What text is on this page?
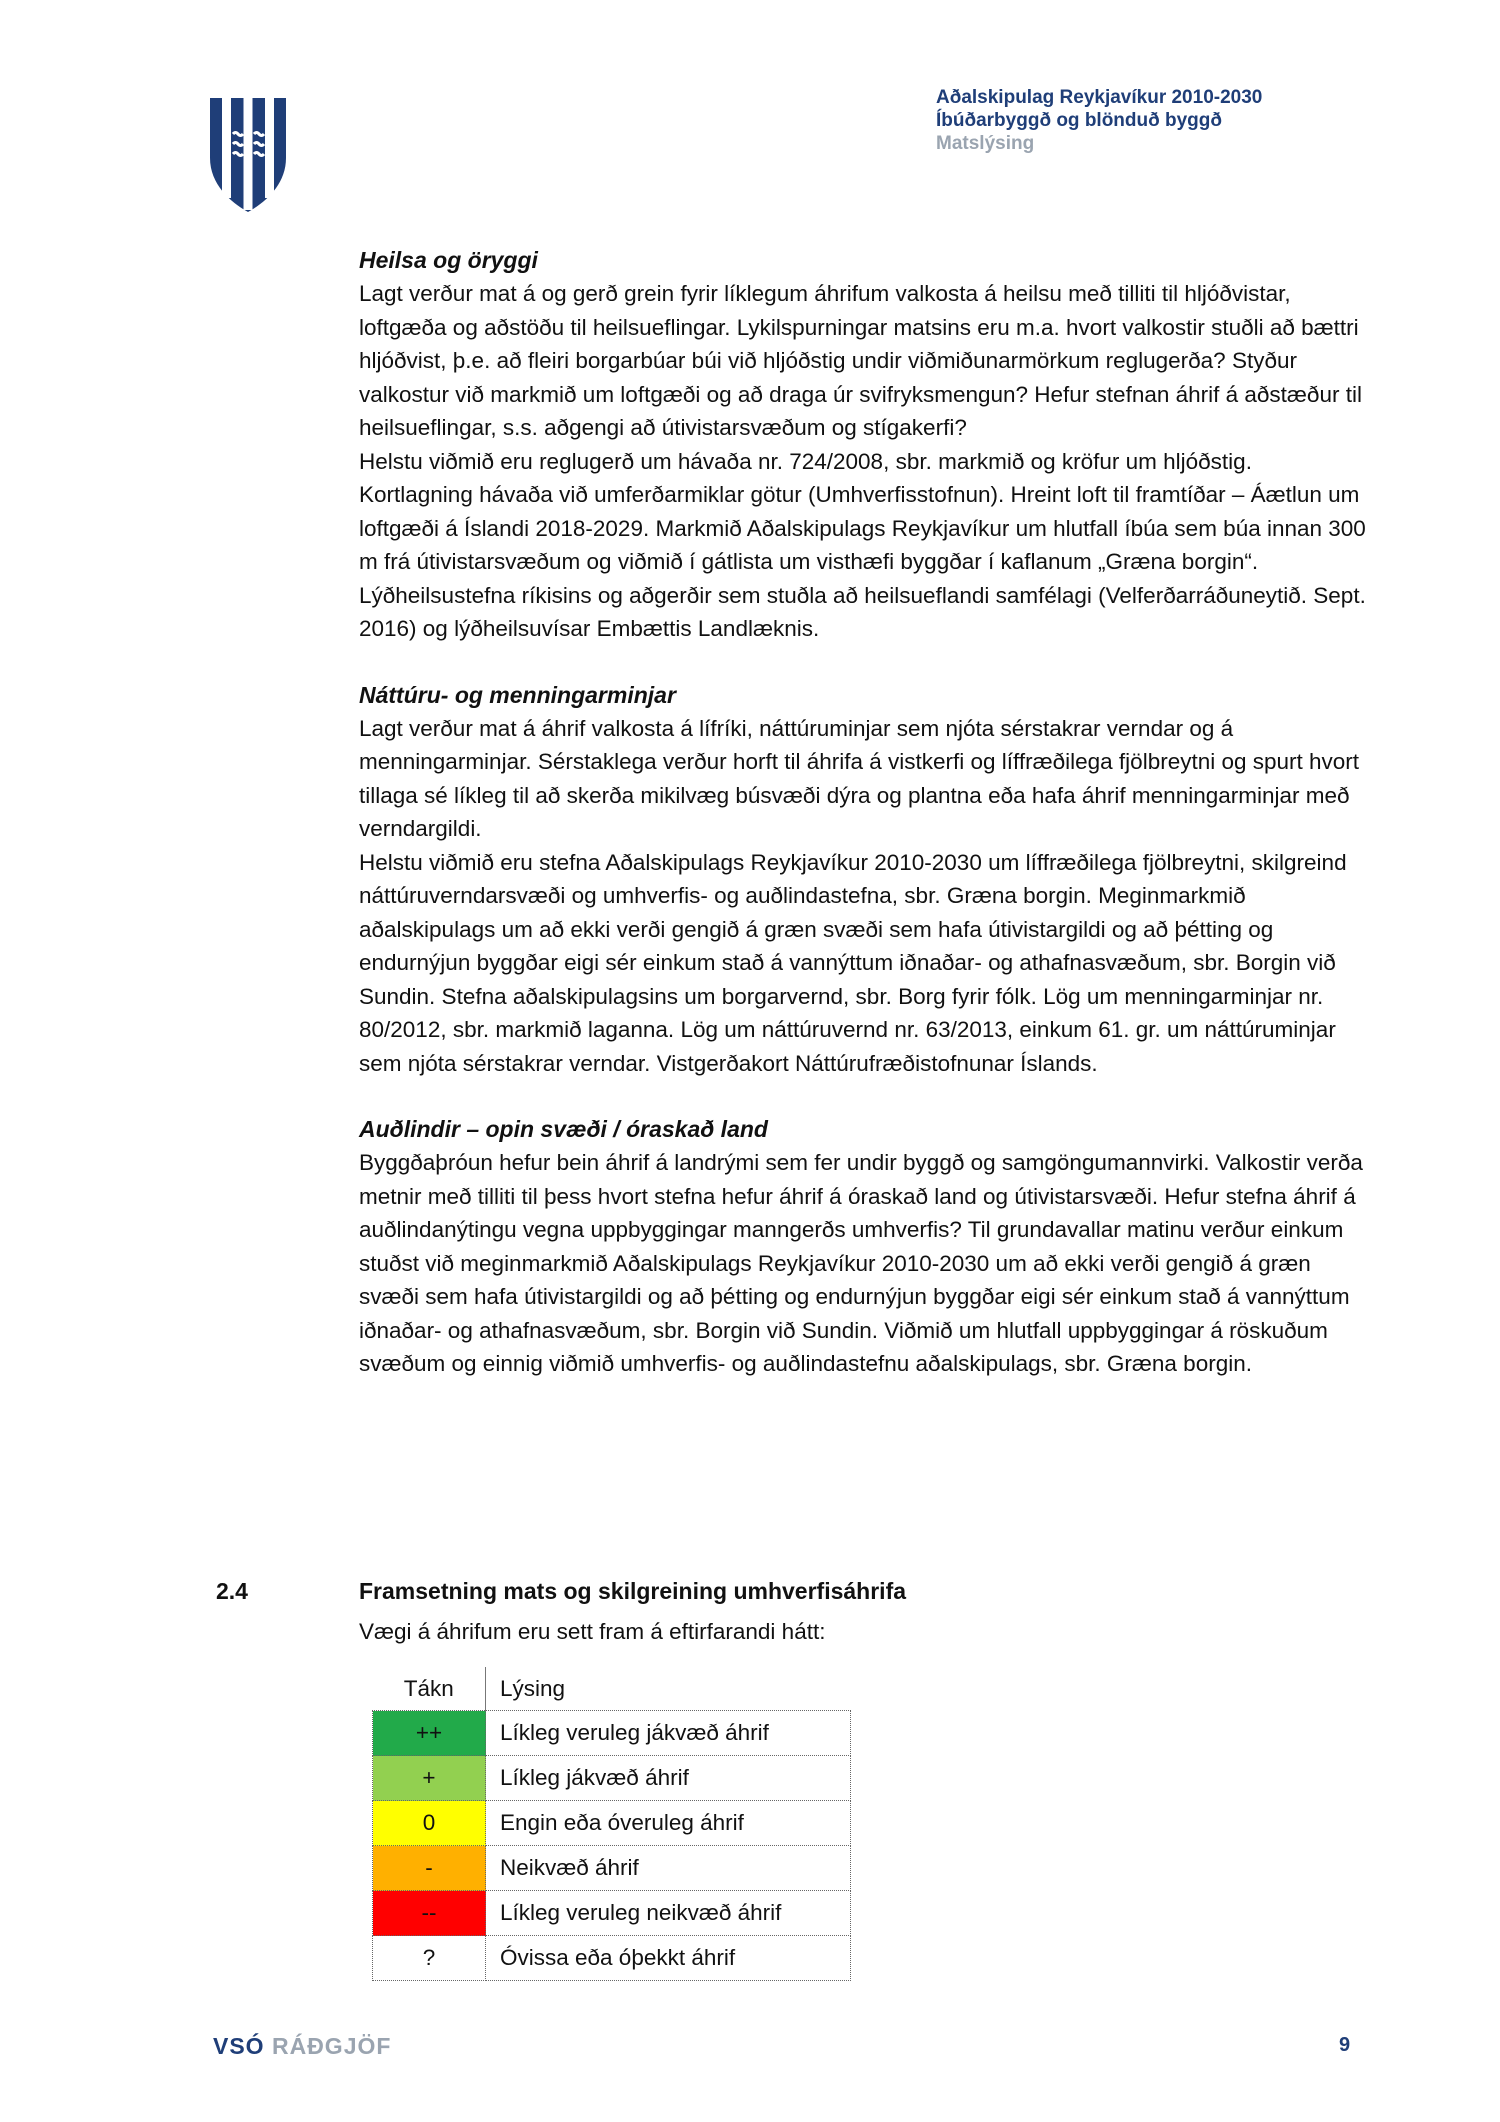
Aðalskipulag Reykjavíkur 2010-2030
Íbúðarbyggð og blönduð byggð
Matslýsing

Heilsa og öryggi

Lagt verður mat á og gerð grein fyrir líklegum áhrifum valkosta á heilsu með tilliti til hljóðvistar, loftgæða og aðstöðu til heilsueflingar. Lykilspurningar matsins eru m.a. hvort valkostir stuðli að bættri hljóðvist, þ.e. að fleiri borgarbúar búi við hljóðstig undir viðmiðunarmörkum reglugerða? Styður valkostur við markmið um loftgæði og að draga úr svifryksmengun? Hefur stefnan áhrif á aðstæður til heilsueflingar, s.s. aðgengi að útivistarsvæðum og stígakerfi?

Helstu viðmið eru reglugerð um hávaða nr. 724/2008, sbr. markmið og kröfur um hljóðstig. Kortlagning hávaða við umferðarmiklar götur (Umhverfisstofnun). Hreint loft til framtíðar – Áætlun um loftgæði á Íslandi 2018-2029. Markmið Aðalskipulags Reykjavíkur um hlutfall íbúa sem búa innan 300 m frá útivistarsvæðum og viðmið í gátlista um visthæfi byggðar í kaflanum „Græna borgin“. Lýðheilsustefna ríkisins og aðgerðir sem stuðla að heilsueflandi samfélagi (Velferðarráðuneytið. Sept. 2016) og lýðheilsuvísar Embættis Landlæknis.

Náttúru- og menningarminjar

Lagt verður mat á áhrif valkosta á lífríki, náttúruminjar sem njóta sérstakrar verndar og á menningarminjar. Sérstaklega verður horft til áhrifa á vistkerfi og líffræðilega fjölbreytni og spurt hvort tillaga sé líkleg til að skerða mikilvæg búsvæði dýra og plantna eða hafa áhrif menningarminjar með verndargildi.

Helstu viðmið eru stefna Aðalskipulags Reykjavíkur 2010-2030 um líffræðilega fjölbreytni, skilgreind náttúruverndarsvæði og umhverfis- og auðlindastefna, sbr. Græna borgin. Meginmarkmið aðalskipulags um að ekki verði gengið á græn svæði sem hafa útivistargildi og að þétting og endurnýjun byggðar eigi sér einkum stað á vannýttum iðnaðar- og athafnasvæðum, sbr. Borgin við Sundin. Stefna aðalskipulagsins um borgarvernd, sbr. Borg fyrir fólk. Lög um menningarminjar nr. 80/2012, sbr. markmið laganna. Lög um náttúruvernd nr. 63/2013, einkum 61. gr. um náttúruminjar sem njóta sérstakrar verndar. Vistgerðakort Náttúrufræðistofnunar Íslands.

Auðlindir – opin svæði / óraskað land

Byggðaþróun hefur bein áhrif á landrými sem fer undir byggð og samgöngumannvirki. Valkostir verða metnir með tilliti til þess hvort stefna hefur áhrif á óraskað land og útivistarsvæði. Hefur stefna áhrif á auðlindanýtingu vegna uppbyggingar manngerðs umhverfis? Til grundavallar matinu verður einkum stuðst við meginmarkmið Aðalskipulags Reykjavíkur 2010-2030 um að ekki verði gengið á græn svæði sem hafa útivistargildi og að þétting og endurnýjun byggðar eigi sér einkum stað á vannýttum iðnaðar- og athafnasvæðum, sbr. Borgin við Sundin. Viðmið um hlutfall uppbyggingar á röskuðum svæðum og einnig viðmið umhverfis- og auðlindastefnu aðalskipulags, sbr. Græna borgin.

2.4	Framsetning mats og skilgreining umhverfisáhrifa
Vægi á áhrifum eru sett fram á eftirfarandi hátt:
Tákn	Lýsing
++	Líkleg veruleg jákvæð áhrif
+	Líkleg jákvæð áhrif
0	Engin eða óveruleg áhrif
-	Neikvæð áhrif
--	Líkleg veruleg neikvæð áhrif
?	Óvissa eða óþekkt áhrif
VSÓ RÁÐGJÖF	9
